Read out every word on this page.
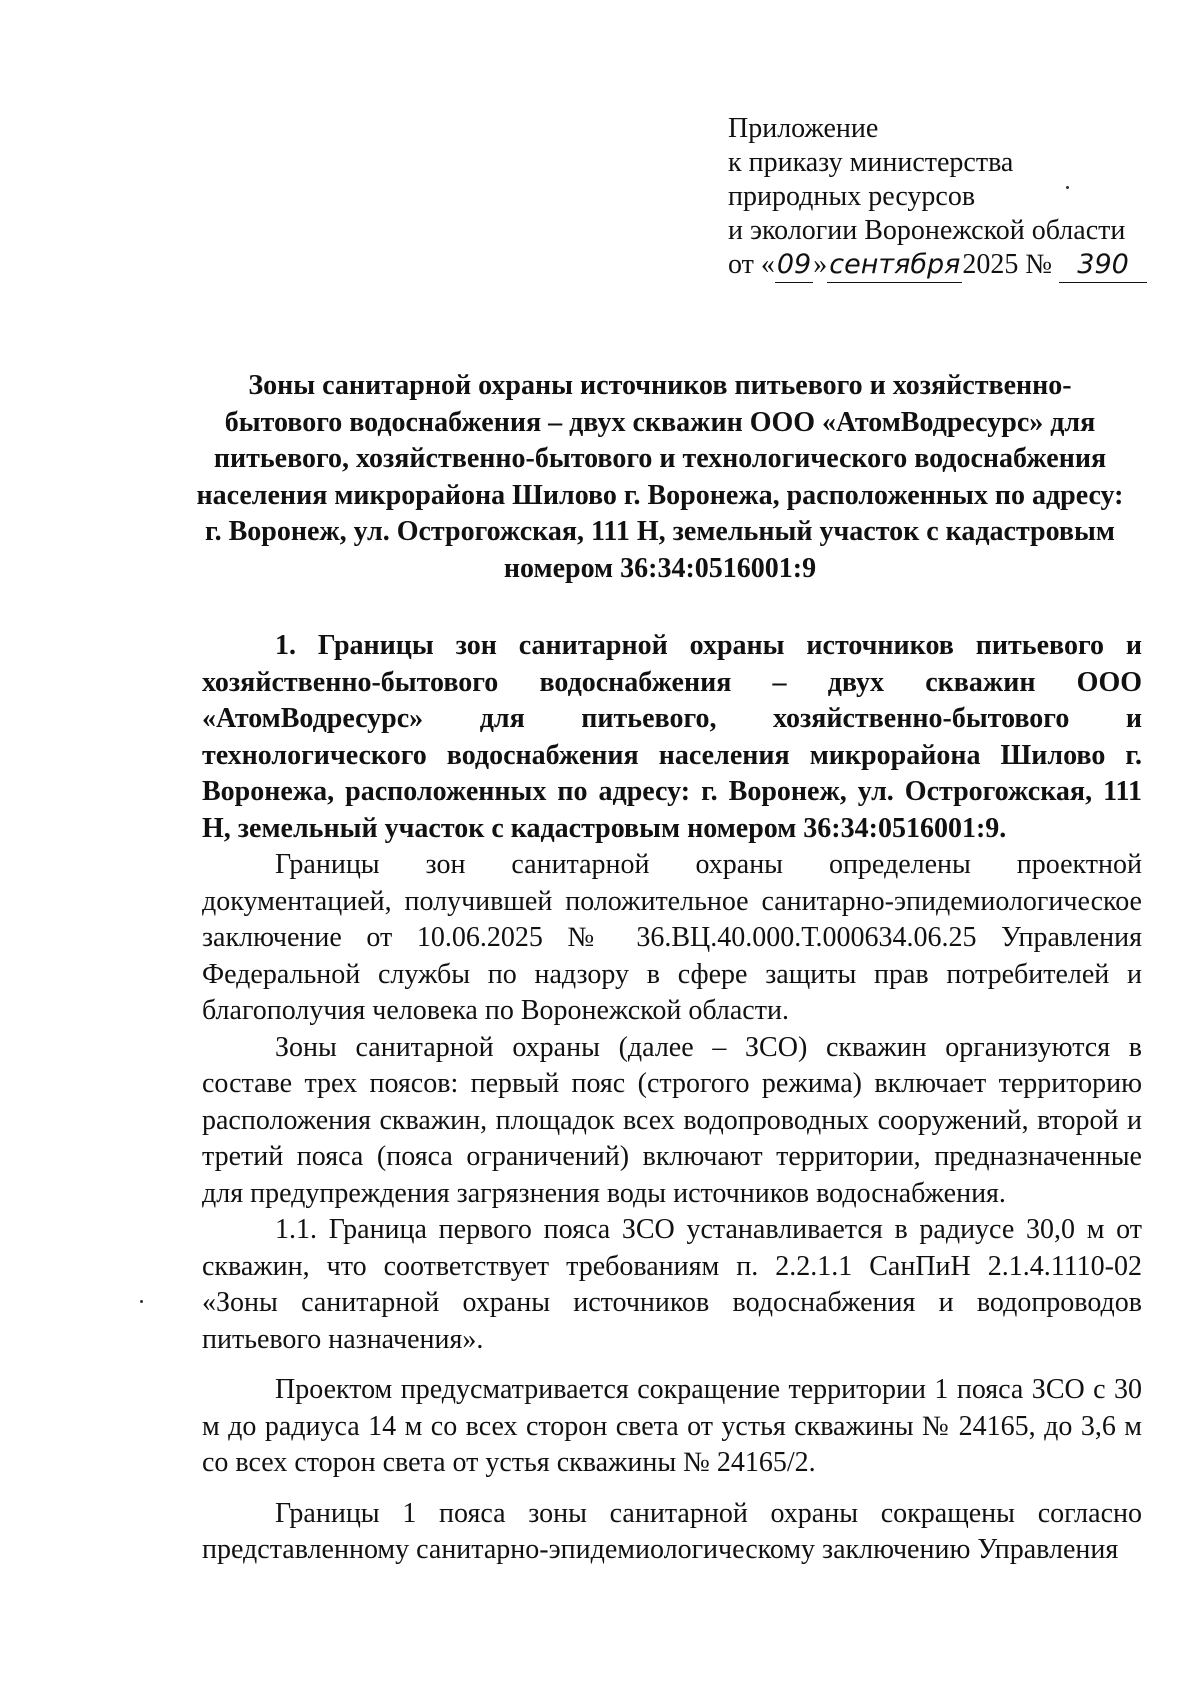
Приложение
к приказу министерства
природных ресурсов
и экологии Воронежской области
от «09»сентября2025 № 390
Зоны санитарной охраны источников питьевого и хозяйственно-бытового водоснабжения – двух скважин ООО «АтомВодресурс» для питьевого, хозяйственно-бытового и технологического водоснабжения населения микрорайона Шилово г. Воронежа, расположенных по адресу: г. Воронеж, ул. Острогожская, 111 Н, земельный участок с кадастровым номером 36:34:0516001:9

1. Границы зон санитарной охраны источников питьевого и хозяйственно-бытового водоснабжения – двух скважин ООО «АтомВодресурс» для питьевого, хозяйственно-бытового и технологического водоснабжения населения микрорайона Шилово г. Воронежа, расположенных по адресу: г. Воронеж, ул. Острогожская, 111 Н, земельный участок с кадастровым номером 36:34:0516001:9.

Границы зон санитарной охраны определены проектной документацией, получившей положительное санитарно-эпидемиологическое заключение от 10.06.2025 № 36.ВЦ.40.000.Т.000634.06.25 Управления Федеральной службы по надзору в сфере защиты прав потребителей и благополучия человека по Воронежской области.

Зоны санитарной охраны (далее – ЗСО) скважин организуются в составе трех поясов: первый пояс (строгого режима) включает территорию расположения скважин, площадок всех водопроводных сооружений, второй и третий пояса (пояса ограничений) включают территории, предназначенные для предупреждения загрязнения воды источников водоснабжения.

1.1. Граница первого пояса ЗСО устанавливается в радиусе 30,0 м от скважин, что соответствует требованиям п. 2.2.1.1 СанПиН 2.1.4.1110-02 «Зоны санитарной охраны источников водоснабжения и водопроводов питьевого назначения».

Проектом предусматривается сокращение территории 1 пояса ЗСО с 30 м до радиуса 14 м со всех сторон света от устья скважины № 24165, до 3,6 м со всех сторон света от устья скважины № 24165/2.

Границы 1 пояса зоны санитарной охраны сокращены согласно представленному санитарно-эпидемиологическому заключению Управления
